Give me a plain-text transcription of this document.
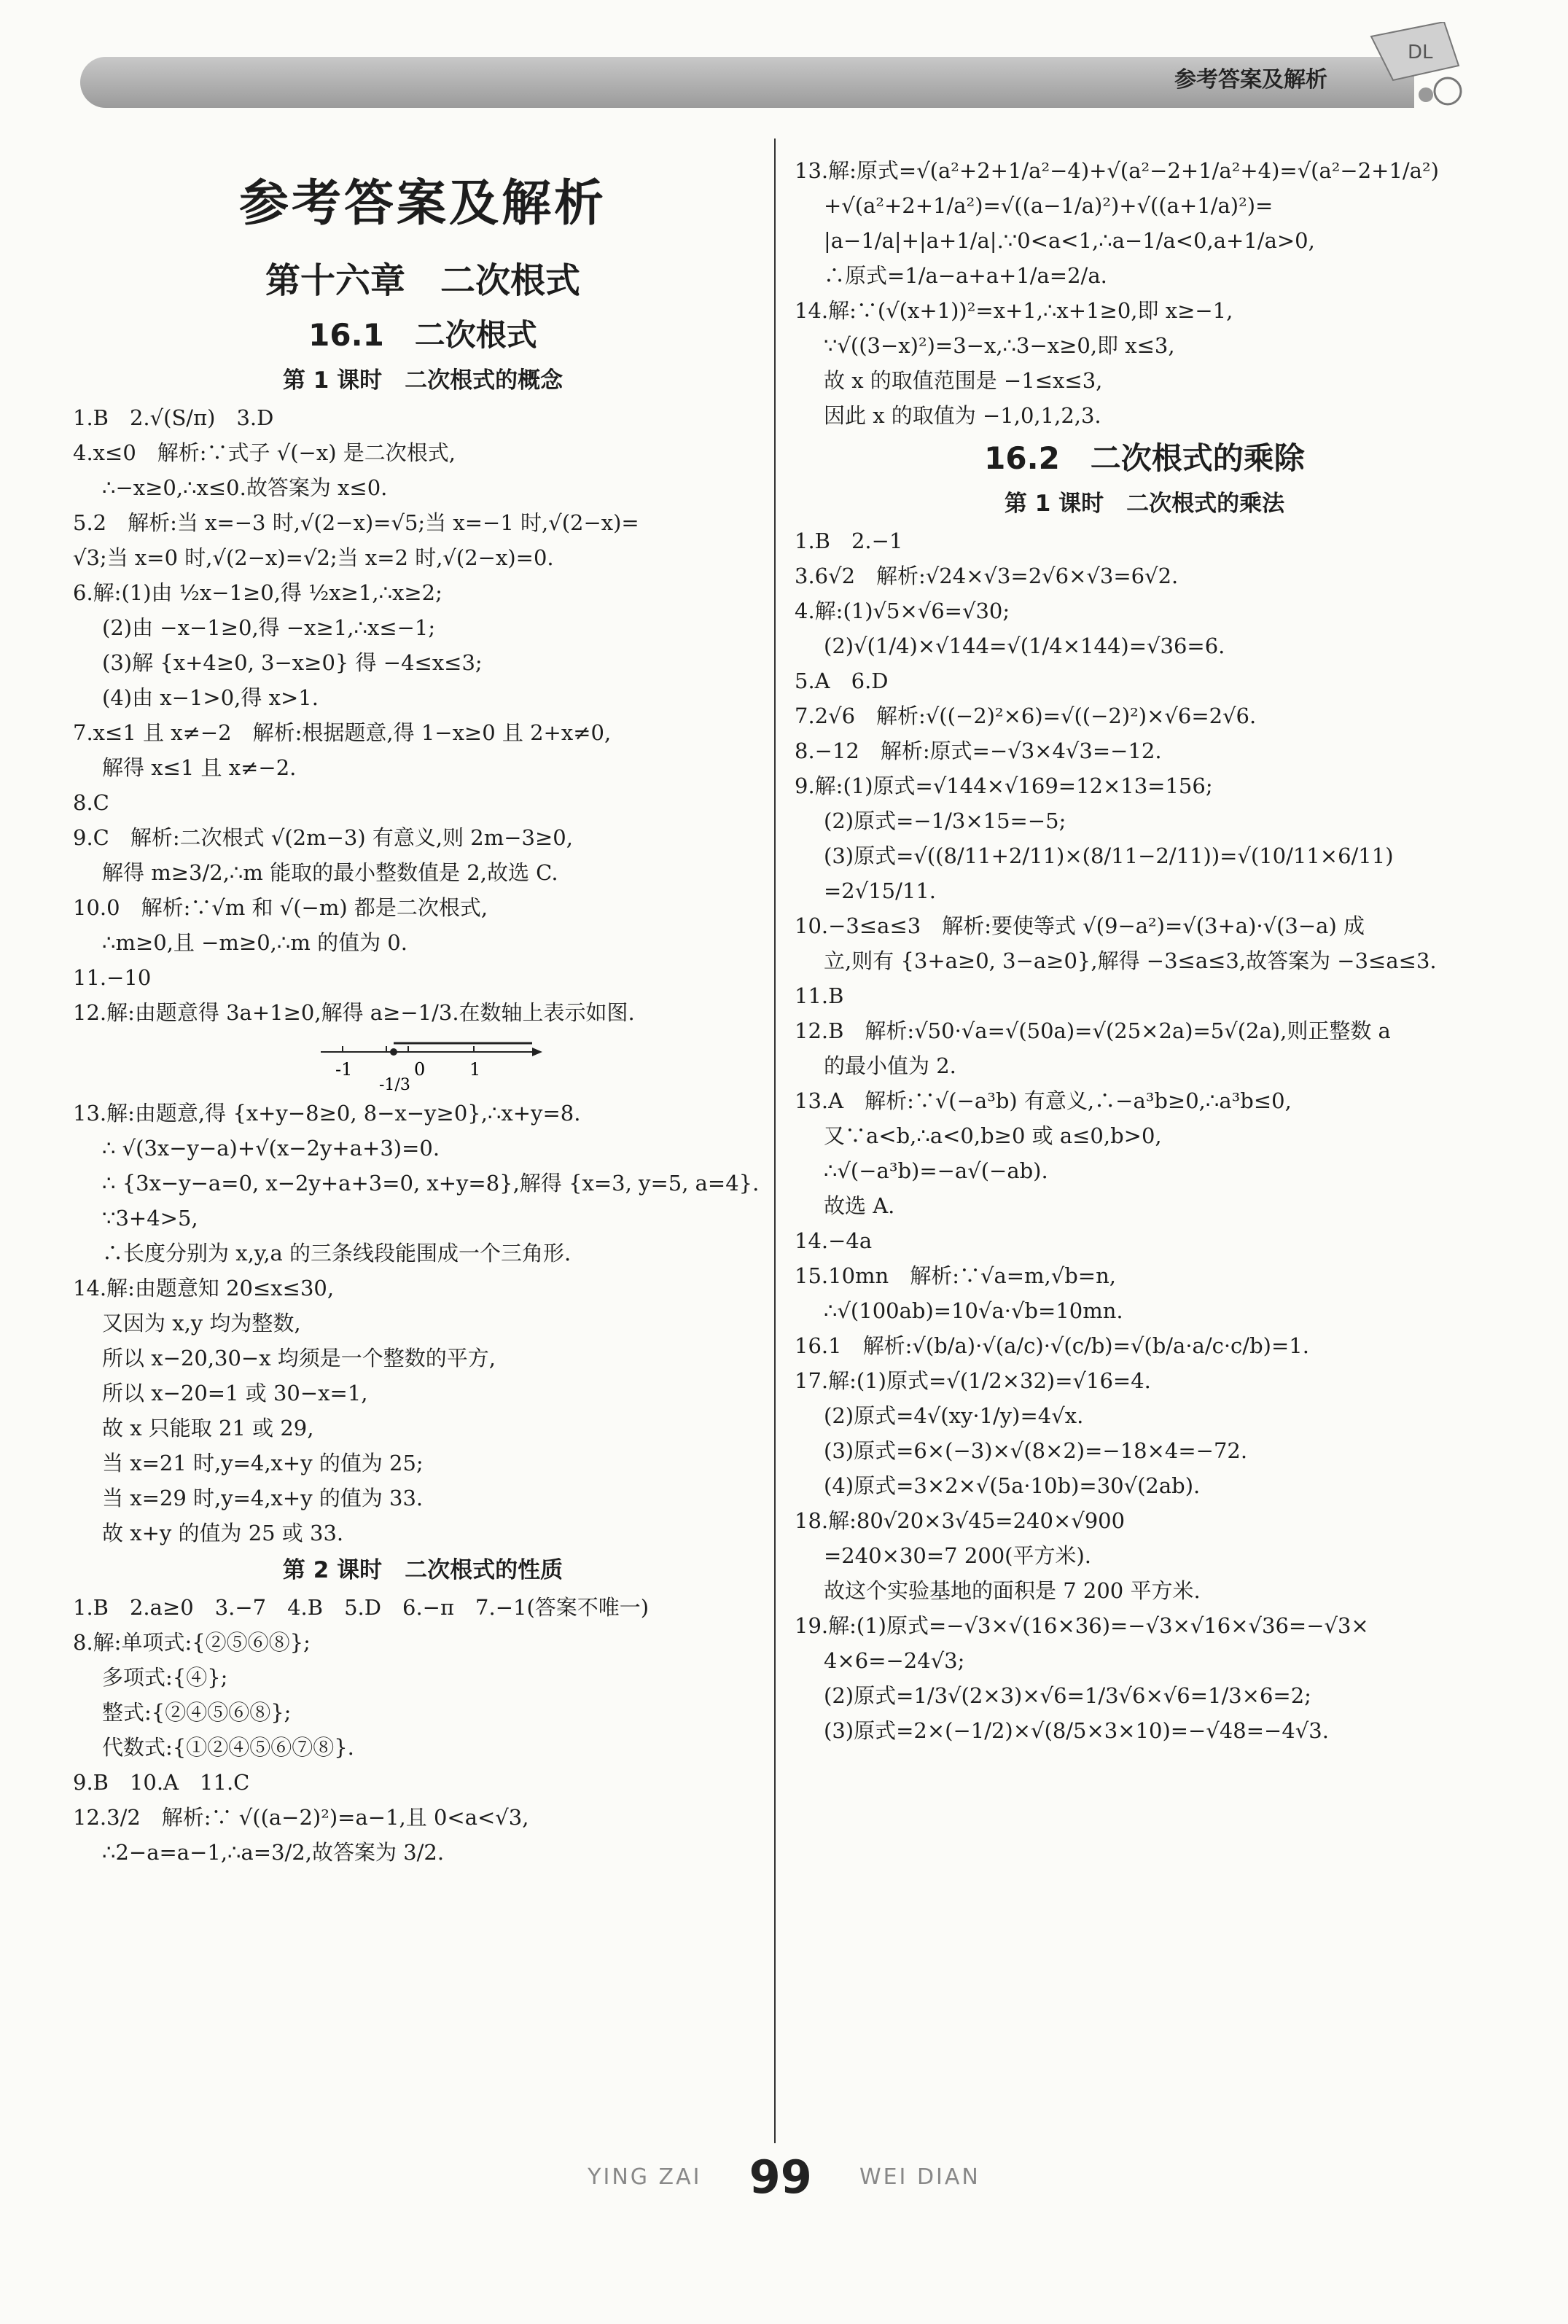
参考答案及解析
DL
参考答案及解析
第十六章　二次根式
16.1　二次根式
第 1 课时　二次根式的概念
1.B　2.√(S/π)　3.D
4.x≤0　解析:∵式子 √(−x) 是二次根式,
∴−x≥0,∴x≤0.故答案为 x≤0.
5.2　解析:当 x=−3 时,√(2−x)=√5;当 x=−1 时,√(2−x)=
√3;当 x=0 时,√(2−x)=√2;当 x=2 时,√(2−x)=0.
6.解:(1)由 ½x−1≥0,得 ½x≥1,∴x≥2;
(2)由 −x−1≥0,得 −x≥1,∴x≤−1;
(3)解 {x+4≥0, 3−x≥0} 得 −4≤x≤3;
(4)由 x−1>0,得 x>1.
7.x≤1 且 x≠−2　解析:根据题意,得 1−x≥0 且 2+x≠0,
解得 x≤1 且 x≠−2.
8.C
9.C　解析:二次根式 √(2m−3) 有意义,则 2m−3≥0,
解得 m≥3/2,∴m 能取的最小整数值是 2,故选 C.
10.0　解析:∵√m 和 √(−m) 都是二次根式,
∴m≥0,且 −m≥0,∴m 的值为 0.
11.−10
12.解:由题意得 3a+1≥0,解得 a≥−1/3.在数轴上表示如图.
-1
-1/3
0	1
13.解:由题意,得 {x+y−8≥0, 8−x−y≥0},∴x+y=8.
∴ √(3x−y−a)+√(x−2y+a+3)=0.
∴ {3x−y−a=0, x−2y+a+3=0, x+y=8},解得 {x=3, y=5, a=4}.
∵3+4>5,
∴长度分别为 x,y,a 的三条线段能围成一个三角形.
14.解:由题意知 20≤x≤30,
又因为 x,y 均为整数,
所以 x−20,30−x 均须是一个整数的平方,
所以 x−20=1 或 30−x=1,
故 x 只能取 21 或 29,
当 x=21 时,y=4,x+y 的值为 25;
当 x=29 时,y=4,x+y 的值为 33.
故 x+y 的值为 25 或 33.
第 2 课时　二次根式的性质
1.B　2.a≥0　3.−7　4.B　5.D　6.−π　7.−1(答案不唯一)
8.解:单项式:{②⑤⑥⑧};
多项式:{④};
整式:{②④⑤⑥⑧};
代数式:{①②④⑤⑥⑦⑧}.
9.B　10.A　11.C
12.3/2　解析:∵ √((a−2)²)=a−1,且 0<a<√3,
∴2−a=a−1,∴a=3/2,故答案为 3/2.
13.解:原式=√(a²+2+1/a²−4)+√(a²−2+1/a²+4)=√(a²−2+1/a²)
+√(a²+2+1/a²)=√((a−1/a)²)+√((a+1/a)²)=
|a−1/a|+|a+1/a|.∵0<a<1,∴a−1/a<0,a+1/a>0,
∴原式=1/a−a+a+1/a=2/a.
14.解:∵(√(x+1))²=x+1,∴x+1≥0,即 x≥−1,
∵√((3−x)²)=3−x,∴3−x≥0,即 x≤3,
故 x 的取值范围是 −1≤x≤3,
因此 x 的取值为 −1,0,1,2,3.
16.2　二次根式的乘除
第 1 课时　二次根式的乘法
1.B　2.−1
3.6√2　解析:√24×√3=2√6×√3=6√2.
4.解:(1)√5×√6=√30;
(2)√(1/4)×√144=√(1/4×144)=√36=6.
5.A　6.D
7.2√6　解析:√((−2)²×6)=√((−2)²)×√6=2√6.
8.−12　解析:原式=−√3×4√3=−12.
9.解:(1)原式=√144×√169=12×13=156;
(2)原式=−1/3×15=−5;
(3)原式=√((8/11+2/11)×(8/11−2/11))=√(10/11×6/11)
=2√15/11.
10.−3≤a≤3　解析:要使等式 √(9−a²)=√(3+a)·√(3−a) 成
立,则有 {3+a≥0, 3−a≥0},解得 −3≤a≤3,故答案为 −3≤a≤3.
11.B
12.B　解析:√50·√a=√(50a)=√(25×2a)=5√(2a),则正整数 a
的最小值为 2.
13.A　解析:∵√(−a³b) 有意义,∴−a³b≥0,∴a³b≤0,
又∵a<b,∴a<0,b≥0 或 a≤0,b>0,
∴√(−a³b)=−a√(−ab).
故选 A.
14.−4a
15.10mn　解析:∵√a=m,√b=n,
∴√(100ab)=10√a·√b=10mn.
16.1　解析:√(b/a)·√(a/c)·√(c/b)=√(b/a·a/c·c/b)=1.
17.解:(1)原式=√(1/2×32)=√16=4.
(2)原式=4√(xy·1/y)=4√x.
(3)原式=6×(−3)×√(8×2)=−18×4=−72.
(4)原式=3×2×√(5a·10b)=30√(2ab).
18.解:80√20×3√45=240×√900
=240×30=7 200(平方米).
故这个实验基地的面积是 7 200 平方米.
19.解:(1)原式=−√3×√(16×36)=−√3×√16×√36=−√3×
4×6=−24√3;
(2)原式=1/3√(2×3)×√6=1/3√6×√6=1/3×6=2;
(3)原式=2×(−1/2)×√(8/5×3×10)=−√48=−4√3.
YING ZAI 99 WEI DIAN
